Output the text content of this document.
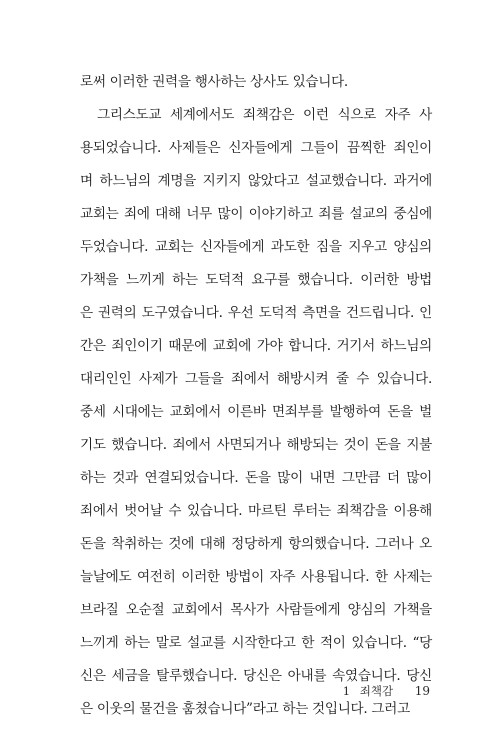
로써 이러한 권력을 행사하는 상사도 있습니다.
그리스도교 세계에서도 죄책감은 이런 식으로 자주 사
용되었습니다. 사제들은 신자들에게 그들이 끔찍한 죄인이
며 하느님의 계명을 지키지 않았다고 설교했습니다. 과거에
교회는 죄에 대해 너무 많이 이야기하고 죄를 설교의 중심에
두었습니다. 교회는 신자들에게 과도한 짐을 지우고 양심의
가책을 느끼게 하는 도덕적 요구를 했습니다. 이러한 방법
은 권력의 도구였습니다. 우선 도덕적 측면을 건드립니다. 인
간은 죄인이기 때문에 교회에 가야 합니다. 거기서 하느님의
대리인인 사제가 그들을 죄에서 해방시켜 줄 수 있습니다.
중세 시대에는 교회에서 이른바 면죄부를 발행하여 돈을 벌
기도 했습니다. 죄에서 사면되거나 해방되는 것이 돈을 지불
하는 것과 연결되었습니다. 돈을 많이 내면 그만큼 더 많이
죄에서 벗어날 수 있습니다. 마르틴 루터는 죄책감을 이용해
돈을 착취하는 것에 대해 정당하게 항의했습니다. 그러나 오
늘날에도 여전히 이러한 방법이 자주 사용됩니다. 한 사제는
브라질 오순절 교회에서 목사가 사람들에게 양심의 가책을
느끼게 하는 말로 설교를 시작한다고 한 적이 있습니다. “당
신은 세금을 탈루했습니다. 당신은 아내를 속였습니다. 당신
은 이웃의 물건을 훔쳤습니다”라고 하는 것입니다. 그러고
1 죄책감 19
